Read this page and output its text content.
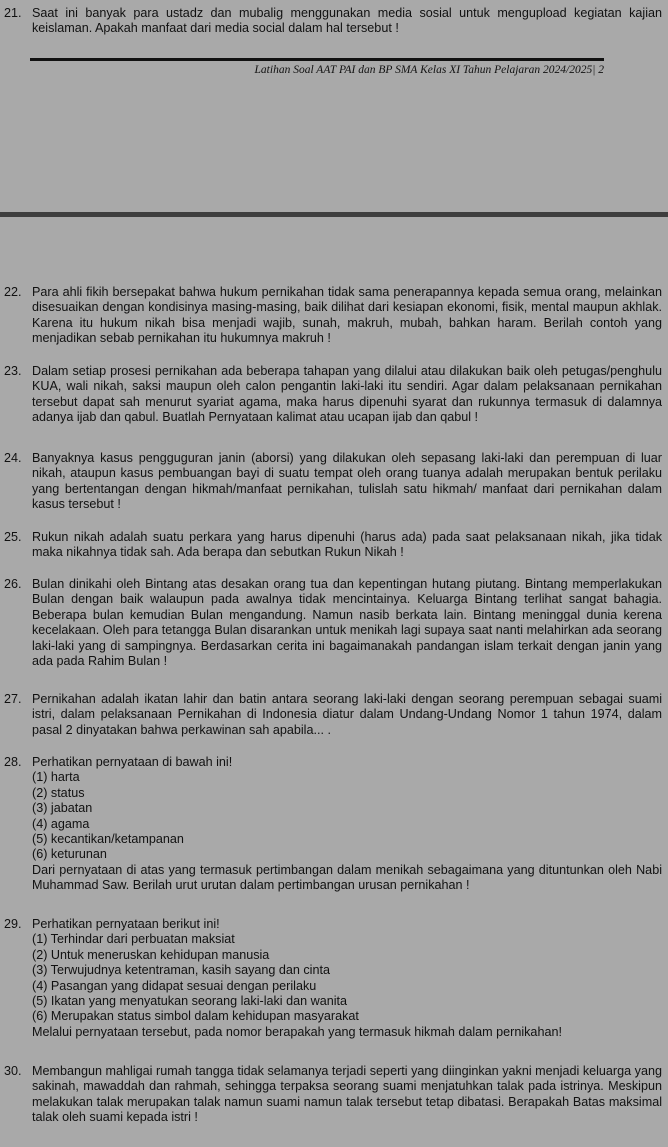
21. Saat ini banyak para ustadz dan mubalig menggunakan media sosial untuk mengupload kegiatan kajian keislaman. Apakah manfaat dari media social dalam hal tersebut !
Latihan Soal AAT PAI dan BP SMA Kelas XI Tahun Pelajaran 2024/2025| 2
22. Para ahli fikih bersepakat bahwa hukum pernikahan tidak sama penerapannya kepada semua orang, melainkan disesuaikan dengan kondisinya masing-masing, baik dilihat dari kesiapan ekonomi, fisik, mental maupun akhlak. Karena itu hukum nikah bisa menjadi wajib, sunah, makruh, mubah, bahkan haram. Berilah contoh yang menjadikan sebab pernikahan itu hukumnya makruh !
23. Dalam setiap prosesi pernikahan ada beberapa tahapan yang dilalui atau dilakukan baik oleh petugas/penghulu KUA, wali nikah, saksi maupun oleh calon pengantin laki-laki itu sendiri. Agar dalam pelaksanaan pernikahan tersebut dapat sah menurut syariat agama, maka harus dipenuhi syarat dan rukunnya termasuk di dalamnya adanya ijab dan qabul. Buatlah Pernyataan kalimat atau ucapan ijab dan qabul !
24. Banyaknya kasus pengguguran janin (aborsi) yang dilakukan oleh sepasang laki-laki dan perempuan di luar nikah, ataupun kasus pembuangan bayi di suatu tempat oleh orang tuanya adalah merupakan bentuk perilaku yang bertentangan dengan hikmah/manfaat pernikahan, tulislah satu hikmah/ manfaat dari pernikahan dalam kasus tersebut !
25. Rukun nikah adalah suatu perkara yang harus dipenuhi (harus ada) pada saat pelaksanaan nikah, jika tidak maka nikahnya tidak sah. Ada berapa dan sebutkan Rukun Nikah !
26. Bulan dinikahi oleh Bintang atas desakan orang tua dan kepentingan hutang piutang. Bintang memperlakukan Bulan dengan baik walaupun pada awalnya tidak mencintainya. Keluarga Bintang terlihat sangat bahagia. Beberapa bulan kemudian Bulan mengandung. Namun nasib berkata lain. Bintang meninggal dunia kerena kecelakaan. Oleh para tetangga Bulan disarankan untuk menikah lagi supaya saat nanti melahirkan ada seorang laki-laki yang di sampingnya. Berdasarkan cerita ini bagaimanakah pandangan islam terkait dengan janin yang ada pada Rahim Bulan !
27. Pernikahan adalah ikatan lahir dan batin antara seorang laki-laki dengan seorang perempuan sebagai suami istri, dalam pelaksanaan Pernikahan di Indonesia diatur dalam Undang-Undang Nomor 1 tahun 1974, dalam pasal 2 dinyatakan bahwa perkawinan sah apabila... .
28. Perhatikan pernyataan di bawah ini!
(1) harta
(2) status
(3) jabatan
(4) agama
(5) kecantikan/ketampanan
(6) keturunan
Dari pernyataan di atas yang termasuk pertimbangan dalam menikah sebagaimana yang dituntunkan oleh Nabi Muhammad Saw. Berilah urut urutan dalam pertimbangan urusan pernikahan !
29. Perhatikan pernyataan berikut ini!
(1) Terhindar dari perbuatan maksiat
(2) Untuk meneruskan kehidupan manusia
(3) Terwujudnya ketentraman, kasih sayang dan cinta
(4) Pasangan yang didapat sesuai dengan perilaku
(5) Ikatan yang menyatukan seorang laki-laki dan wanita
(6) Merupakan status simbol dalam kehidupan masyarakat
Melalui pernyataan tersebut, pada nomor berapakah yang termasuk hikmah dalam pernikahan!
30. Membangun mahligai rumah tangga tidak selamanya terjadi seperti yang diinginkan yakni menjadi keluarga yang sakinah, mawaddah dan rahmah, sehingga terpaksa seorang suami menjatuhkan talak pada istrinya. Meskipun melakukan talak merupakan talak namun suami namun talak tersebut tetap dibatasi. Berapakah Batas maksimal talak oleh suami kepada istri !
